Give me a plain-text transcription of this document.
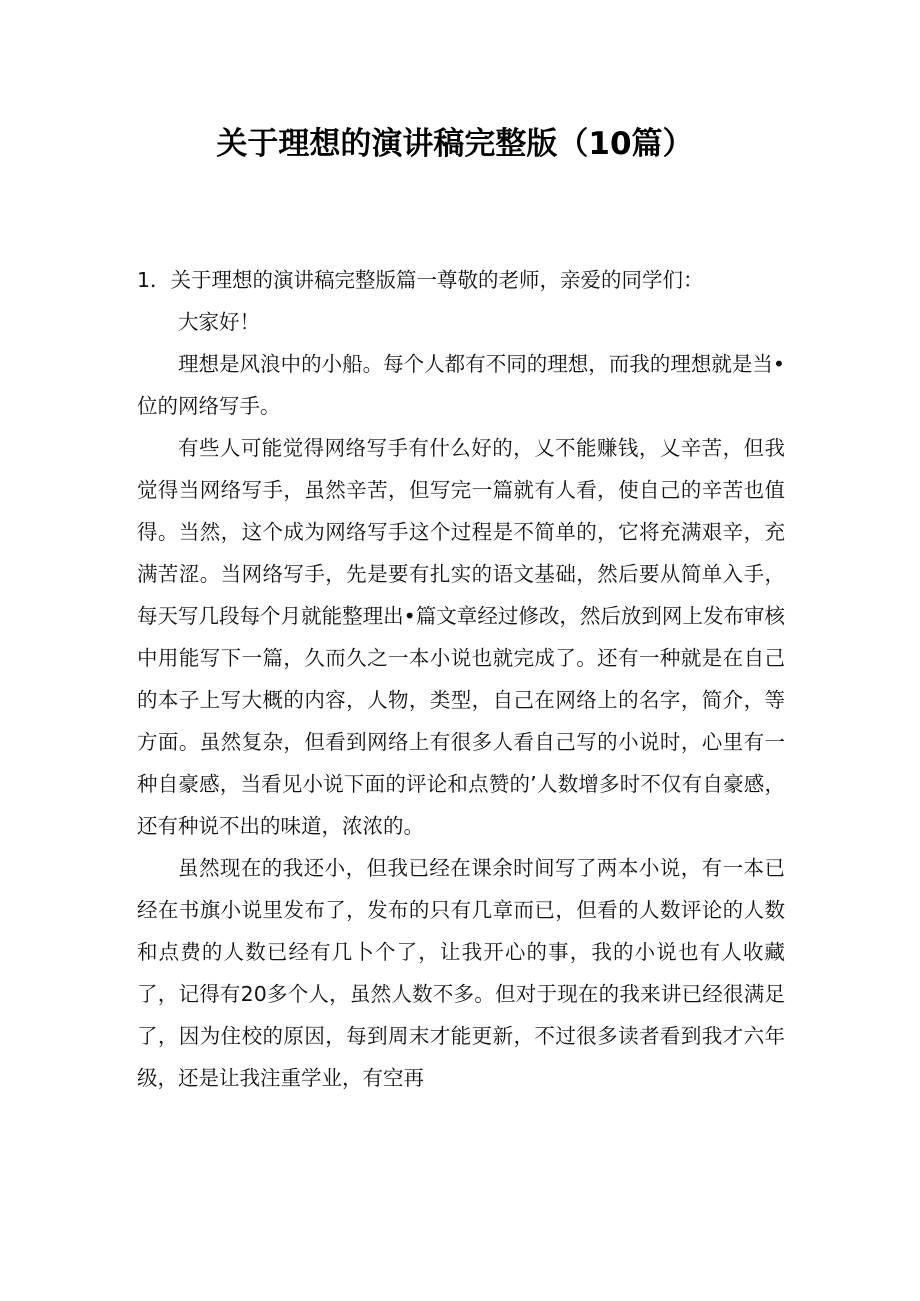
关于理想的演讲稿完整版（10篇）

1．关于理想的演讲稿完整版篇一尊敬的老师，亲爱的同学们：

大家好！

理想是风浪中的小船。每个人都有不同的理想，而我的理想就是当•位的网络写手。

有些人可能觉得网络写手有什么好的，乂不能赚钱，乂辛苦，但我觉得当网络写手，虽然辛苦，但写完一篇就有人看，使自己的辛苦也值得。当然，这个成为网络写手这个过程是不简单的，它将充满艰辛，充满苦涩。当网络写手，先是要有扎实的语文基础，然后要从简单入手，每天写几段每个月就能整理出•篇文章经过修改，然后放到网上发布审核中用能写下一篇，久而久之一本小说也就完成了。还有一种就是在自己的本子上写大概的内容，人物，类型，自己在网络上的名字，简介，等方面。虽然复杂，但看到网络上有很多人看自己写的小说时，心里有一种自豪感，当看见小说下面的评论和点赞的’人数增多时不仅有自豪感，还有种说不出的味道，浓浓的。

虽然现在的我还小，但我已经在课余时间写了两本小说，有一本已经在书旗小说里发布了，发布的只有几章而已，但看的人数评论的人数和点费的人数已经有几卜个了，让我开心的事，我的小说也有人收藏了，记得有20多个人，虽然人数不多。但对于现在的我来讲已经很满足了，因为住校的原因，每到周末才能更新，不过很多读者看到我才六年级，还是让我注重学业，有空再
